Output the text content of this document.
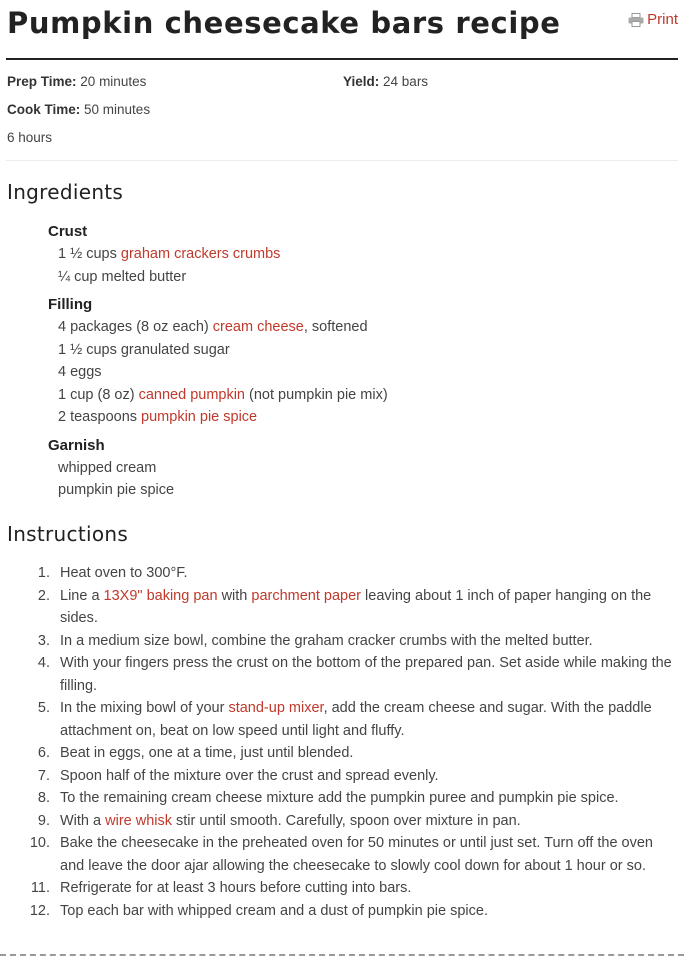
Pumpkin cheesecake bars recipe	Print
Prep Time: 20 minutes	Yield: 24 bars
Cook Time: 50 minutes
6 hours
Ingredients
Crust
1 ½ cups graham crackers crumbs
¼ cup melted butter
Filling
4 packages (8 oz each) cream cheese, softened
1 ½ cups granulated sugar
4 eggs
1 cup (8 oz) canned pumpkin (not pumpkin pie mix)
2 teaspoons pumpkin pie spice
Garnish
whipped cream
pumpkin pie spice
Instructions
1. Heat oven to 300°F.
2. Line a 13X9" baking pan with parchment paper leaving about 1 inch of paper hanging on the sides.
3. In a medium size bowl, combine the graham cracker crumbs with the melted butter.
4. With your fingers press the crust on the bottom of the prepared pan. Set aside while making the filling.
5. In the mixing bowl of your stand-up mixer, add the cream cheese and sugar. With the paddle attachment on, beat on low speed until light and fluffy.
6. Beat in eggs, one at a time, just until blended.
7. Spoon half of the mixture over the crust and spread evenly.
8. To the remaining cream cheese mixture add the pumpkin puree and pumpkin pie spice.
9. With a wire whisk stir until smooth. Carefully, spoon over mixture in pan.
10. Bake the cheesecake in the preheated oven for 50 minutes or until just set. Turn off the oven and leave the door ajar allowing the cheesecake to slowly cool down for about 1 hour or so.
11. Refrigerate for at least 3 hours before cutting into bars.
12. Top each bar with whipped cream and a dust of pumpkin pie spice.
